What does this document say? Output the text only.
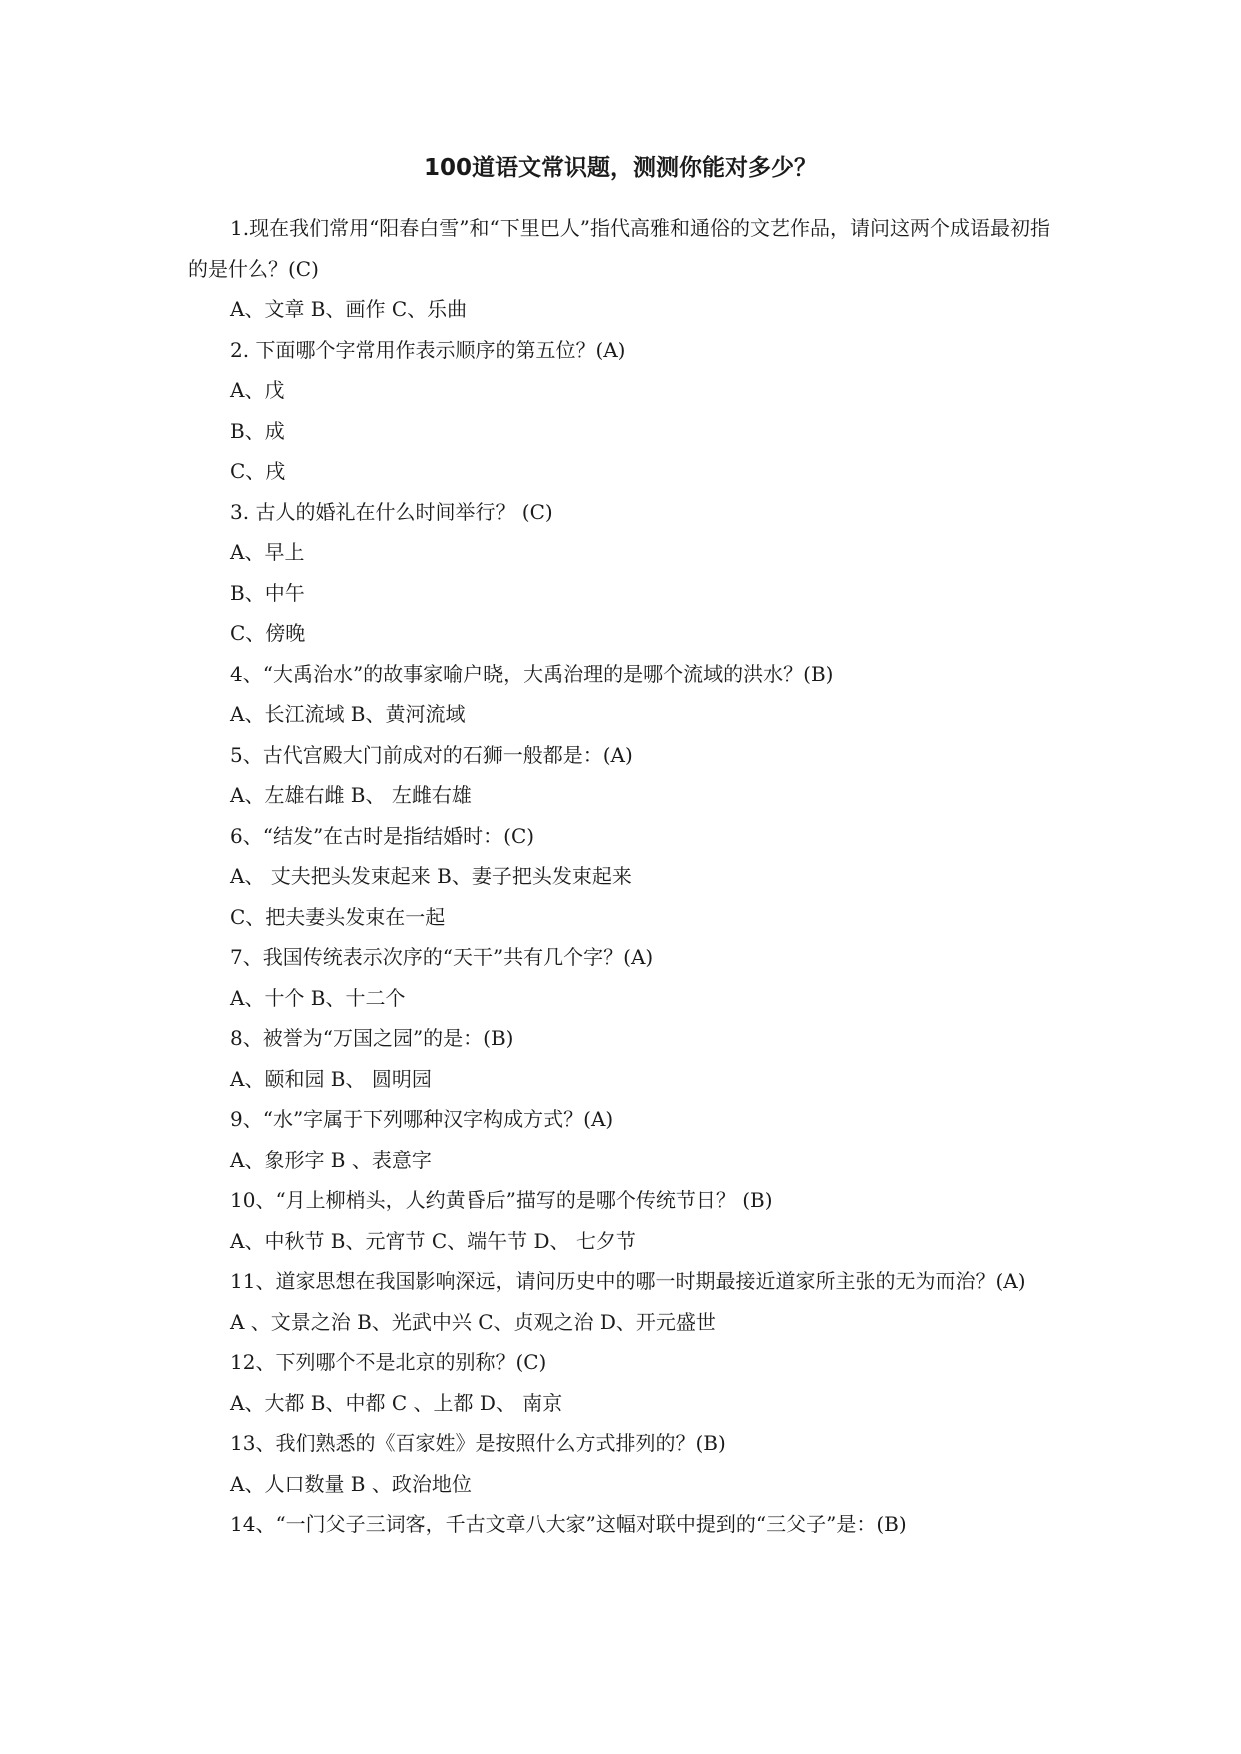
100道语文常识题，测测你能对多少？

1.现在我们常用“阳春白雪”和“下里巴人”指代高雅和通俗的文艺作品，请问这两个成语最初指的是什么？(C)

A、文章 B、画作 C、乐曲

2. 下面哪个字常用作表示顺序的第五位？(A)

A、戊

B、成

C、戌

3. 古人的婚礼在什么时间举行？ (C)

A、早上

B、中午

C、傍晚

4、“大禹治水”的故事家喻户晓，大禹治理的是哪个流域的洪水？(B)

A、长江流域 B、黄河流域

5、古代宫殿大门前成对的石狮一般都是：(A)

A、左雄右雌 B、 左雌右雄

6、“结发”在古时是指结婚时：(C)

A、 丈夫把头发束起来 B、妻子把头发束起来

C、把夫妻头发束在一起

7、我国传统表示次序的“天干”共有几个字？(A)

A、十个 B、十二个

8、被誉为“万国之园”的是：(B)

A、颐和园 B、 圆明园

9、“水”字属于下列哪种汉字构成方式？(A)

A、象形字 B 、表意字

10、“月上柳梢头，人约黄昏后”描写的是哪个传统节日？ (B)

A、中秋节 B、元宵节 C、端午节 D、 七夕节

11、道家思想在我国影响深远，请问历史中的哪一时期最接近道家所主张的无为而治？(A)

A 、文景之治 B、光武中兴 C、贞观之治 D、开元盛世

12、下列哪个不是北京的别称？(C)

A、大都 B、中都 C 、上都 D、 南京

13、我们熟悉的《百家姓》是按照什么方式排列的？(B)

A、人口数量 B 、政治地位

14、“一门父子三词客，千古文章八大家”这幅对联中提到的“三父子”是：(B)
